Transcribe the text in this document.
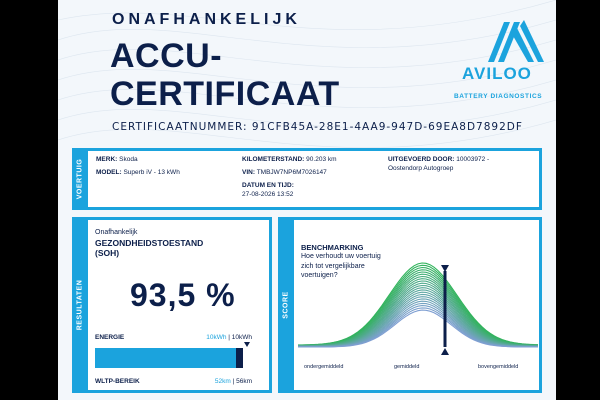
ONAFHANKELIJK
ACCU-
CERTIFICAAT
CERTIFICAATNUMMER: 91CFB45A-28E1-4AA9-947D-69EA8D7892DF
AVILOO
BATTERY DIAGNOSTICS
VOERTUIG MERK: Skoda
MODEL: Superb iV - 13 kWh
KILOMETERSTAND: 90.203 km
VIN: TMBJW7NP6M7026147
DATUM EN TIJD:
27-08-2026 13:52
UITGEVOERD DOOR: 10003972 -
Oostendorp Autogroep
RESULTATEN
Onafhankelijk
GEZONDHEIDSTOESTAND
(SOH)
93,5 %
ENERGIE	10kWh | 10kWh
WLTP-BEREIK	52km | 56km
SCORE
BENCHMARKING
Hoe verhoudt uw voertuig zich tot vergelijkbare voertuigen?
ondergemiddeld	gemiddeld	bovengemiddeld
